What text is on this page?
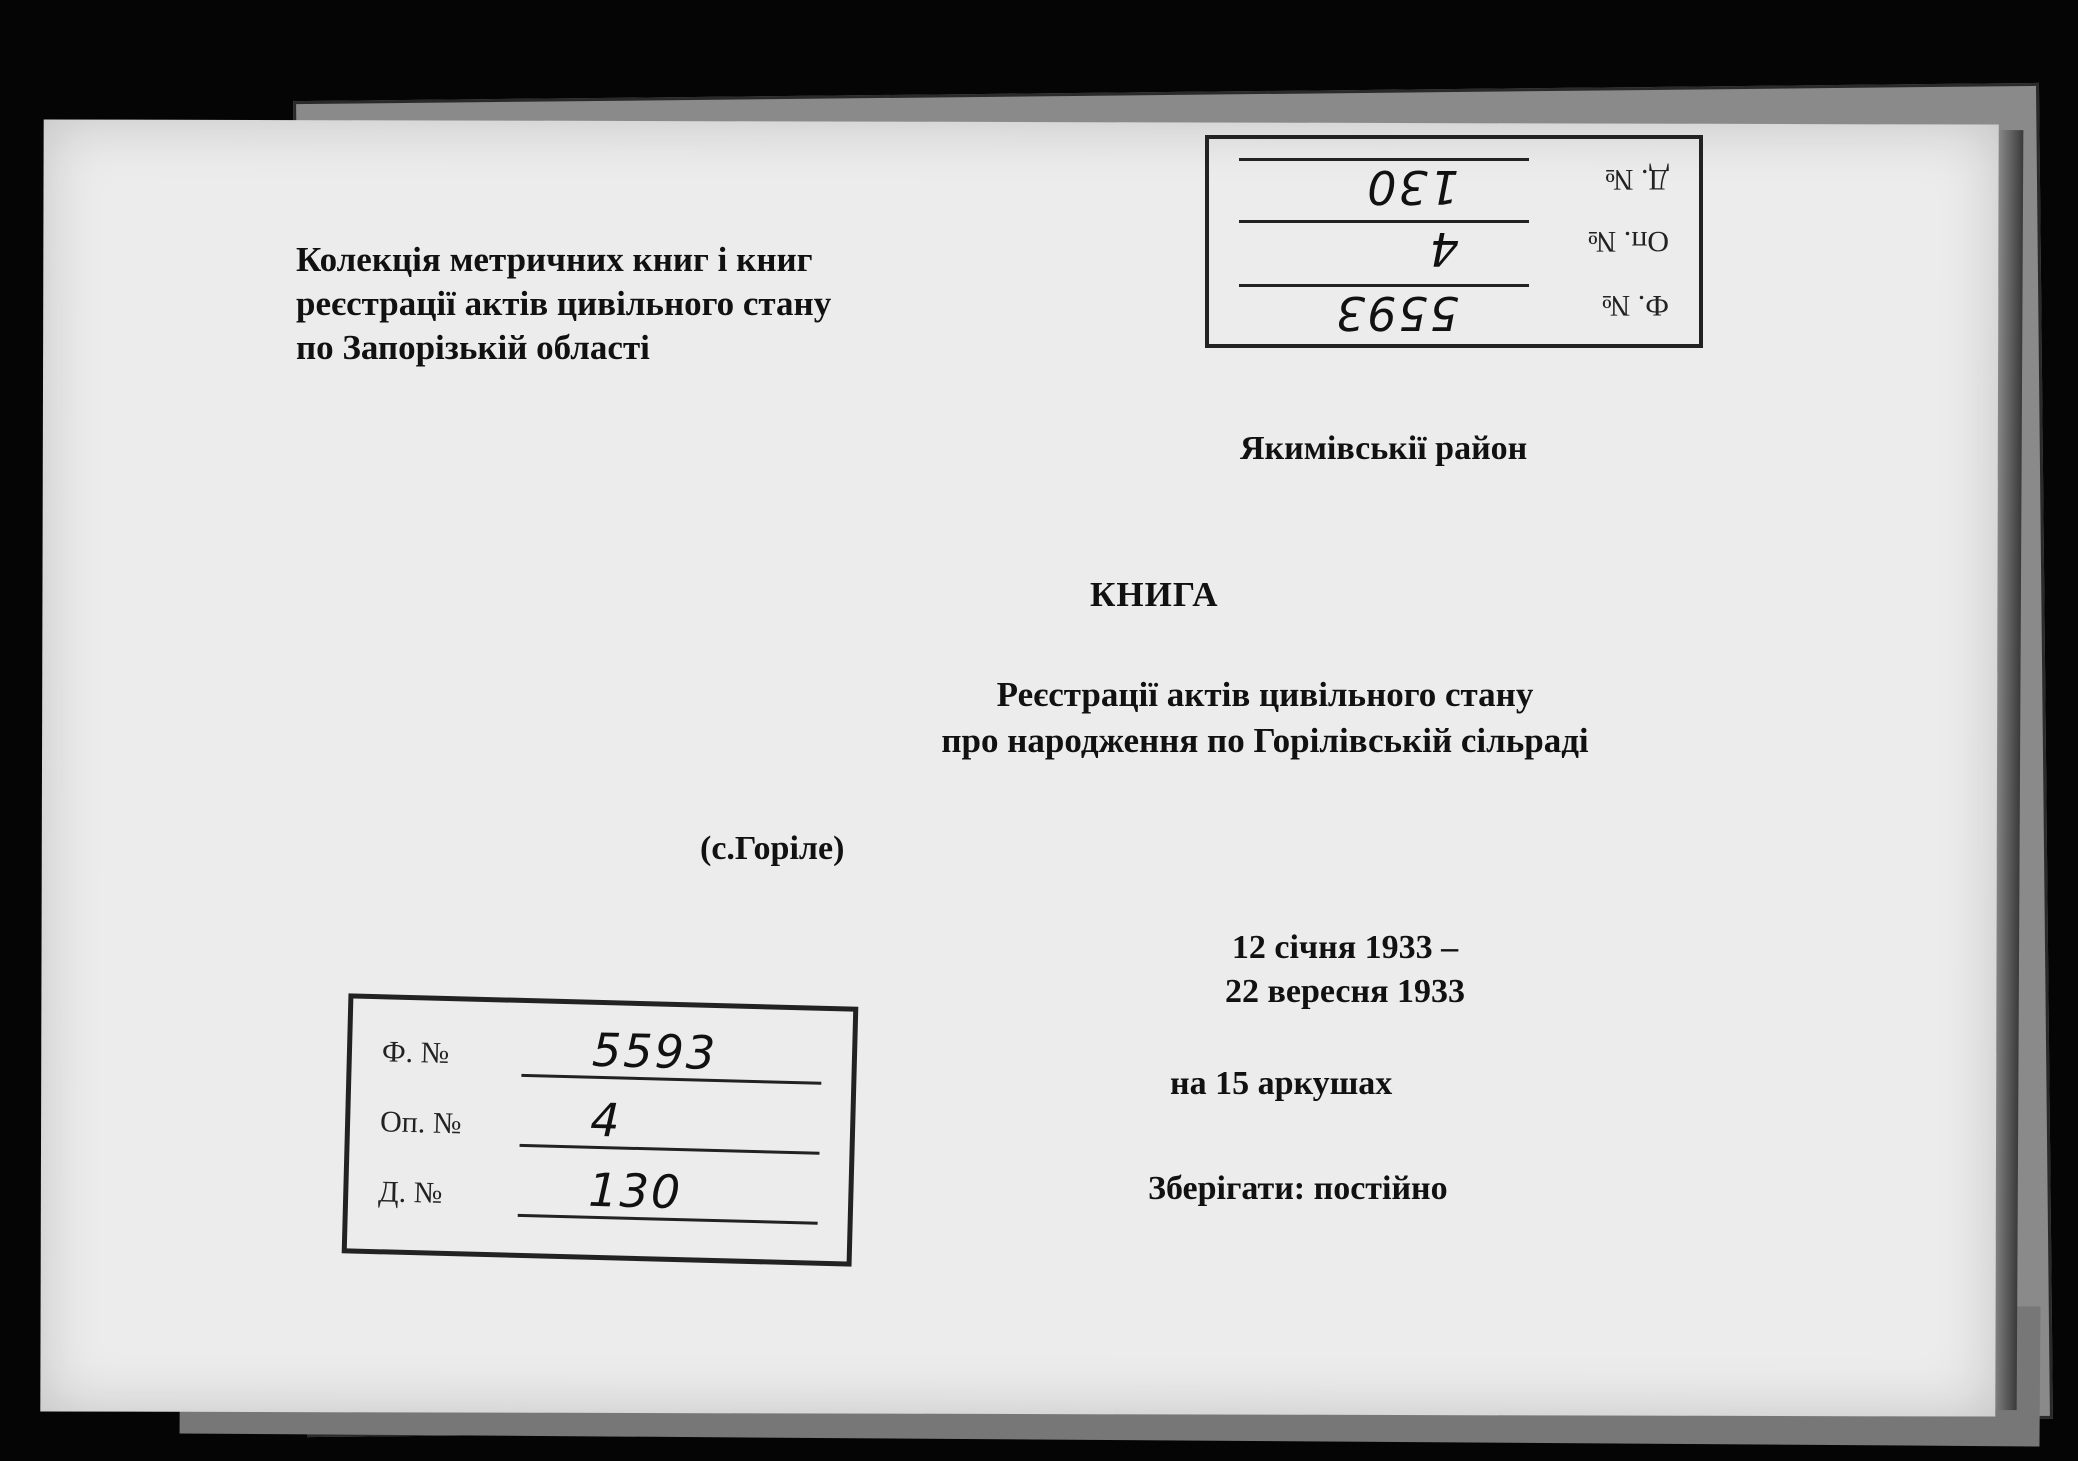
Колекція метричних книг і книг
реєстрації актів цивільного стану
по Запорізькій області
Ф. №
5593
Оп. №
4
Д. №
130
Якимівськії район
КНИГА
Реєстрації актів цивільного стану
про народження по Горілівській сільраді
(с.Горіле)
12 січня 1933 –
22 вересня 1933
на 15 аркушах
Зберігати: постійно
Ф. №	5593
Оп. №	4
Д. №	130
